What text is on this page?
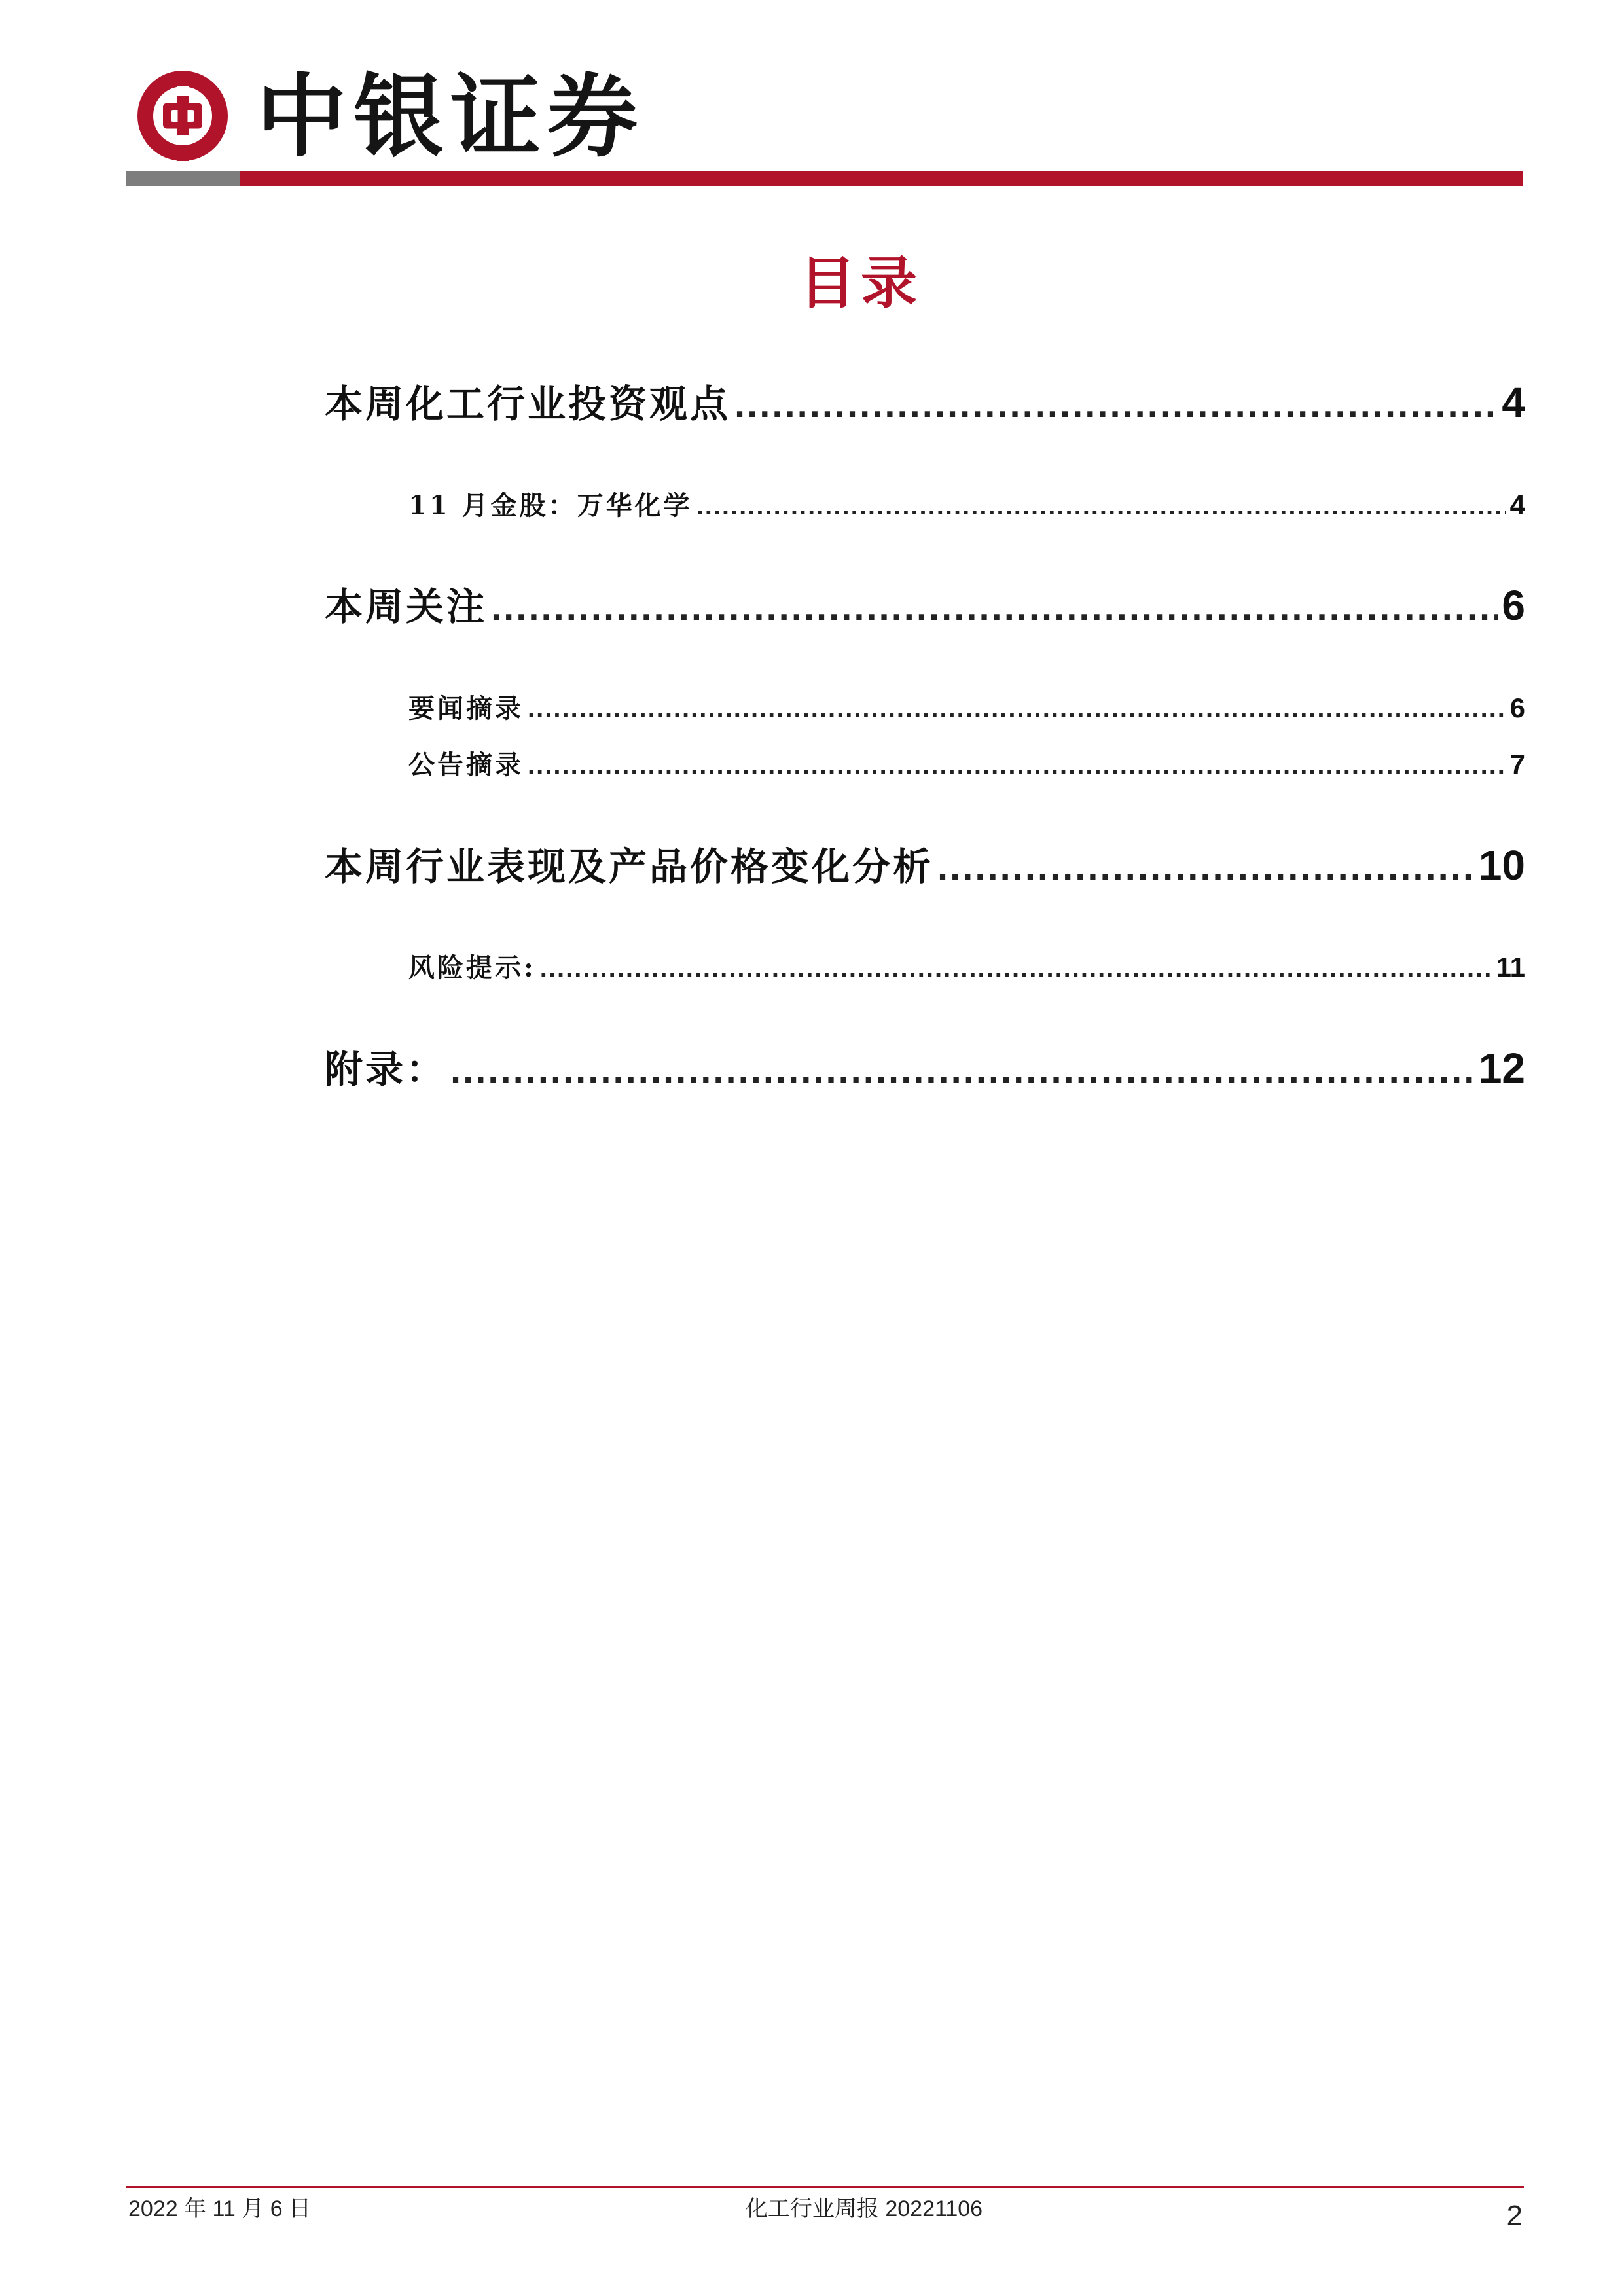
中银证券
目录
本周化工行业投资观点 .....	4
11 月金股：万华化学 .....	4
本周关注 .....	6
要闻摘录 .....	6
公告摘录 .....	7
本周行业表现及产品价格变化分析 .....	10
风险提示: .....	11
附录： .....	12
2022 年 11 月 6 日	化工行业周报 20221106	2
